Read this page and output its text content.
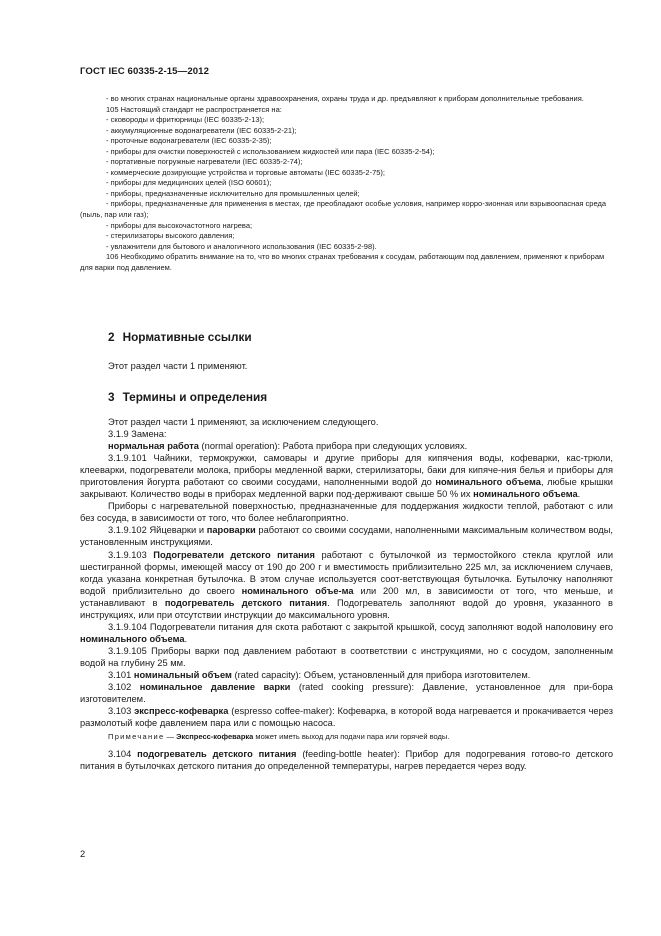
ГОСТ IEC 60335-2-15—2012

- во многих странах национальные органы здравоохранения, охраны труда и др. предъявляют к приборам дополнительные требования.

105 Настоящий стандарт не распространяется на:

- сковороды и фритюрницы (IEC 60335-2-13);

- аккумуляционные водонагреватели (IEC 60335-2-21);

- проточные водонагреватели (IEC 60335-2-35);

- приборы для очистки поверхностей с использованием жидкостей или пара (IEC 60335-2-54);

- портативные погружные нагреватели (IEC 60335-2-74);

- коммерческие дозирующие устройства и торговые автоматы (IEC 60335-2-75);

- приборы для медицинских целей (ISO 60601);

- приборы, предназначенные исключительно для промышленных целей;

- приборы, предназначенные для применения в местах, где преобладают особые условия, например корро-зионная или взрывоопасная среда (пыль, пар или газ);

- приборы для высокочастотного нагрева;

- стерилизаторы высокого давления;

- увлажнители для бытового и аналогичного использования (IEC 60335-2-98).

106 Необходимо обратить внимание на то, что во многих странах требования к сосудам, работающим под давлением, применяют к приборам для варки под давлением.

2 Нормативные ссылки
Этот раздел части 1 применяют.
3 Термины и определения

Этот раздел части 1 применяют, за исключением следующего.

3.1.9 Замена:

нормальная работа (normal operation): Работа прибора при следующих условиях.

3.1.9.101 Чайники, термокружки, самовары и другие приборы для кипячения воды, кофеварки, кас-трюли, клееварки, подогреватели молока, приборы медленной варки, стерилизаторы, баки для кипяче-ния белья и приборы для приготовления йогурта работают со своими сосудами, наполненными водой до номинального объема, любые крышки закрывают. Количество воды в приборах медленной варки под-держивают свыше 50 % их номинального объема.

Приборы с нагревательной поверхностью, предназначенные для поддержания жидкости теплой, работают с или без сосуда, в зависимости от того, что более неблагоприятно.

3.1.9.102 Яйцеварки и пароварки работают со своими сосудами, наполненными максимальным количеством воды, установленным инструкциями.

3.1.9.103 Подогреватели детского питания работают с бутылочкой из термостойкого стекла круглой или шестигранной формы, имеющей массу от 190 до 200 г и вместимость приблизительно 225 мл, за исключением случаев, когда указана конкретная бутылочка. В этом случае используется соот-ветствующая бутылочка. Бутылочку наполняют водой приблизительно до своего номинального объе-ма или 200 мл, в зависимости от того, что меньше, и устанавливают в подогреватель детского питания. Подогреватель заполняют водой до уровня, указанного в инструкциях, или при отсутствии инструкции до максимального уровня.

3.1.9.104 Подогреватели питания для скота работают с закрытой крышкой, сосуд заполняют водой наполовину его номинального объема.

3.1.9.105 Приборы варки под давлением работают в соответствии с инструкциями, но с сосудом, заполненным водой на глубину 25 мм.

3.101 номинальный объем (rated capacity): Объем, установленный для прибора изготовителем.

3.102 номинальное давление варки (rated cooking pressure): Давление, установленное для при-бора изготовителем.

3.103 экспресс-кофеварка (espresso coffee-maker): Кофеварка, в которой вода нагревается и прокачивается через размолотый кофе давлением пара или с помощью насоса.

Примечание — Экспресс-кофеварка может иметь выход для подачи пара или горячей воды.

3.104 подогреватель детского питания (feeding-bottle heater): Прибор для подогревания готово-го детского питания в бутылочках детского питания до определенной температуры, нагрев передается через воду.

2
